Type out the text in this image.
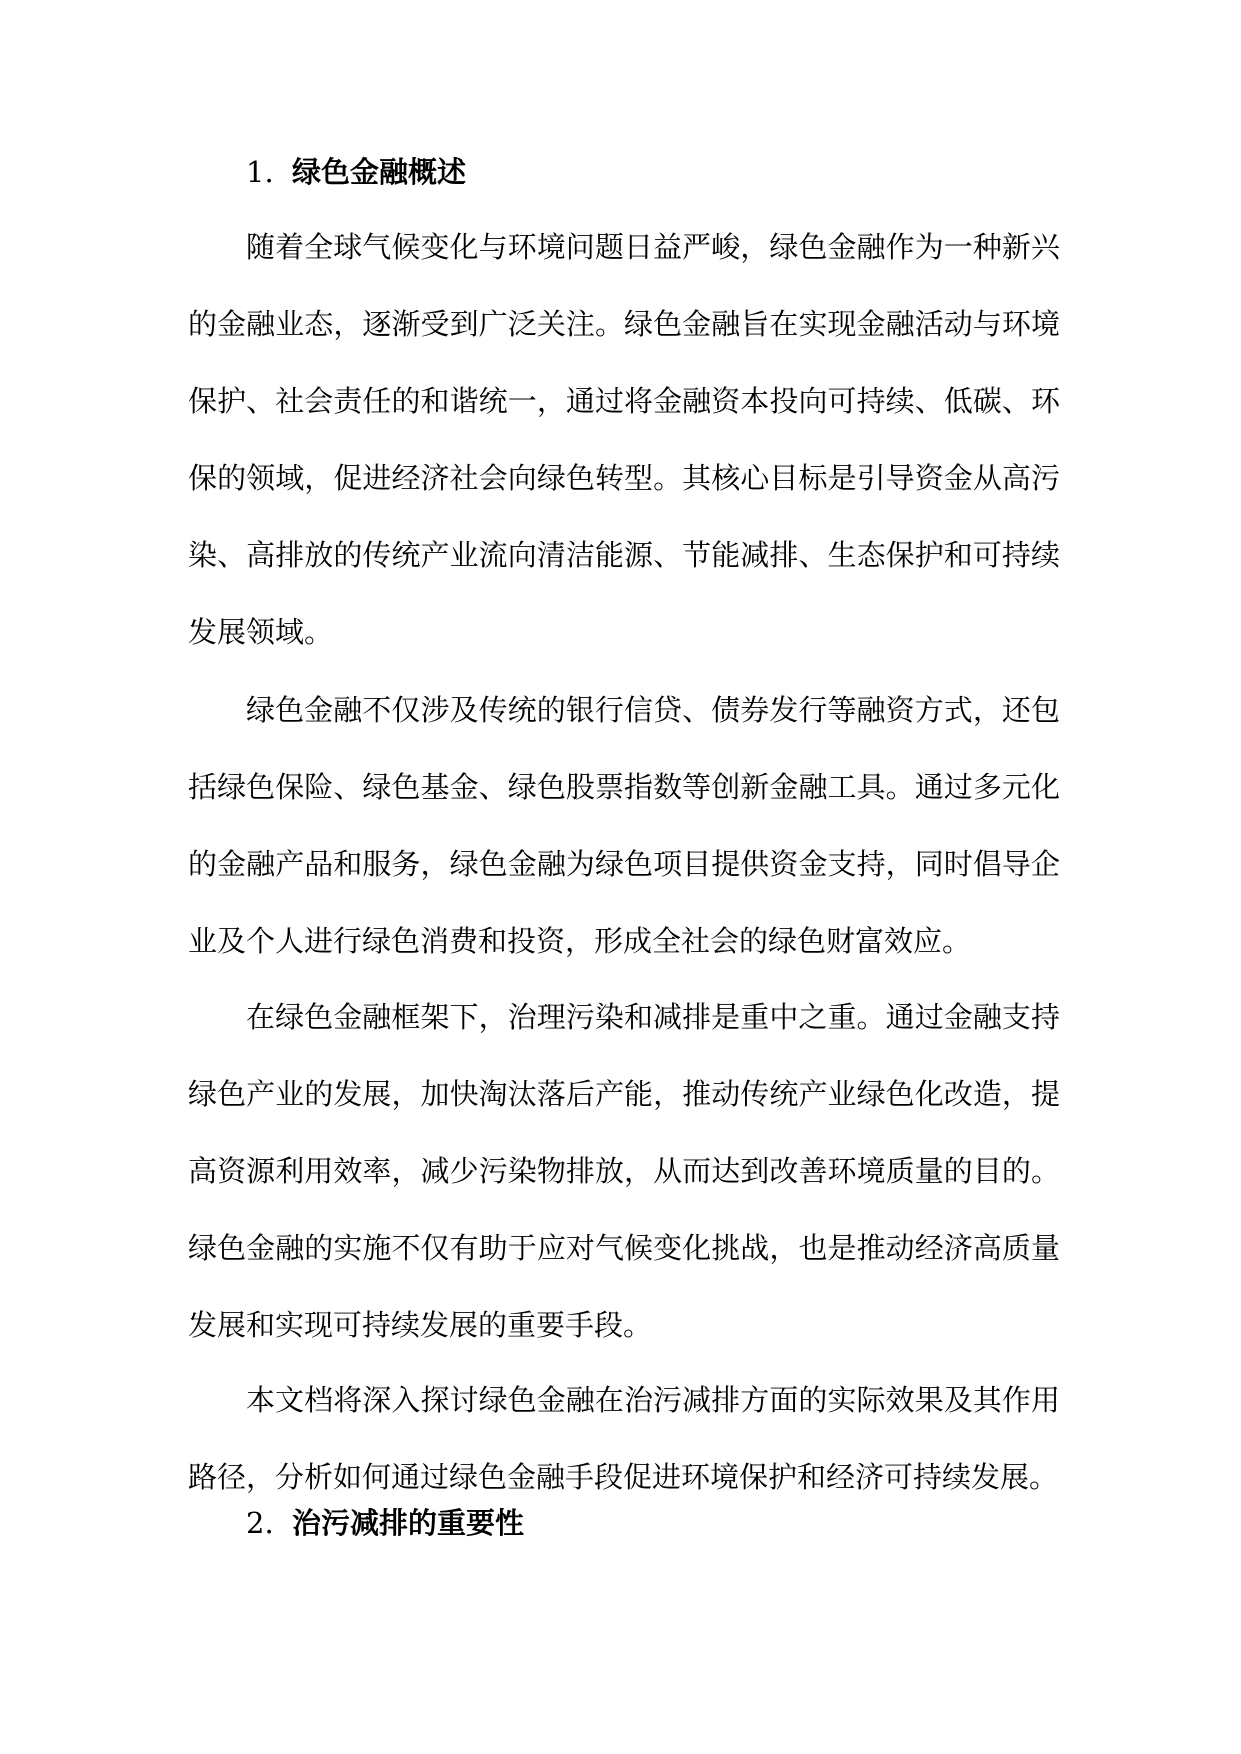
1. 绿色金融概述

随着全球气候变化与环境问题日益严峻，绿色金融作为一种新兴的金融业态，逐渐受到广泛关注。绿色金融旨在实现金融活动与环境保护、社会责任的和谐统一，通过将金融资本投向可持续、低碳、环保的领域，促进经济社会向绿色转型。其核心目标是引导资金从高污染、高排放的传统产业流向清洁能源、节能减排、生态保护和可持续发展领域。

绿色金融不仅涉及传统的银行信贷、债券发行等融资方式，还包括绿色保险、绿色基金、绿色股票指数等创新金融工具。通过多元化的金融产品和服务，绿色金融为绿色项目提供资金支持，同时倡导企业及个人进行绿色消费和投资，形成全社会的绿色财富效应。

在绿色金融框架下，治理污染和减排是重中之重。通过金融支持绿色产业的发展，加快淘汰落后产能，推动传统产业绿色化改造，提高资源利用效率，减少污染物排放，从而达到改善环境质量的目的。绿色金融的实施不仅有助于应对气候变化挑战，也是推动经济高质量发展和实现可持续发展的重要手段。

本文档将深入探讨绿色金融在治污减排方面的实际效果及其作用路径，分析如何通过绿色金融手段促进环境保护和经济可持续发展。

2. 治污减排的重要性
